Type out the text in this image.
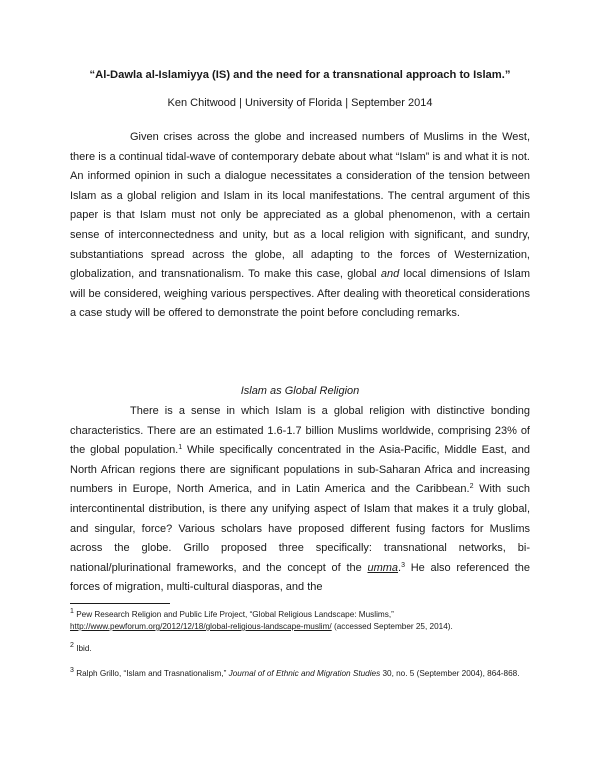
“Al-Dawla al-Islamiyya (IS) and the need for a transnational approach to Islam.”
Ken Chitwood | University of Florida | September 2014

Given crises across the globe and increased numbers of Muslims in the West, there is a continual tidal-wave of contemporary debate about what “Islam” is and what it is not. An informed opinion in such a dialogue necessitates a consideration of the tension between Islam as a global religion and Islam in its local manifestations. The central argument of this paper is that Islam must not only be appreciated as a global phenomenon, with a certain sense of interconnectedness and unity, but as a local religion with significant, and sundry, substantiations spread across the globe, all adapting to the forces of Westernization, globalization, and transnationalism. To make this case, global and local dimensions of Islam will be considered, weighing various perspectives. After dealing with theoretical considerations a case study will be offered to demonstrate the point before concluding remarks.

Islam as Global Religion

There is a sense in which Islam is a global religion with distinctive bonding characteristics. There are an estimated 1.6-1.7 billion Muslims worldwide, comprising 23% of the global population.$^1$ While specifically concentrated in the Asia-Pacific, Middle East, and North African regions there are significant populations in sub-Saharan Africa and increasing numbers in Europe, North America, and in Latin America and the Caribbean.$^2$ With such intercontinental distribution, is there any unifying aspect of Islam that makes it a truly global, and singular, force? Various scholars have proposed different fusing factors for Muslims across the globe. Grillo proposed three specifically: transnational networks, bi-national/plurinational frameworks, and the concept of the umma.$^3$ He also referenced the forces of migration, multi-cultural diasporas, and the

$^1$ Pew Research Religion and Public Life Project, “Global Religious Landscape: Muslims,” http://www.pewforum.org/2012/12/18/global-religious-landscape-muslim/ (accessed September 25, 2014).

$^2$ Ibid.

$^3$ Ralph Grillo, “Islam and Trasnationalism,” Journal of of Ethnic and Migration Studies 30, no. 5 (September 2004), 864-868.
